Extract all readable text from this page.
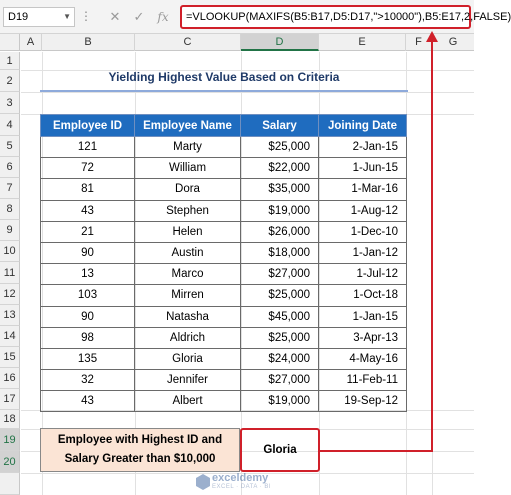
D19	▼ ⋮ ✕ ✓ fx	=VLOOKUP(MAXIFS(B5:B17,D5:D17,">10000"),B5:E17,2,FALSE)
A	B	C	D	E	F	G
1
2
3
4
5
6
7
8
9
10
11
12
13
14
15
16
17
18
19
20
Yielding Highest Value Based on Criteria
Employee ID	Employee Name	Salary	Joining Date
121	Marty	$25,000	2-Jan-15
72	William	$22,000	1-Jun-15
81	Dora	$35,000	1-Mar-16
43	Stephen	$19,000	1-Aug-12
21	Helen	$26,000	1-Dec-10
90	Austin	$18,000	1-Jan-12
13	Marco	$27,000	1-Jul-12
103	Mirren	$25,000	1-Oct-18
90	Natasha	$45,000	1-Jan-15
98	Aldrich	$25,000	3-Apr-13
135	Gloria	$24,000	4-May-16
32	Jennifer	$27,000	11-Feb-11
43	Albert	$19,000	19-Sep-12
Employee with Highest ID and
Salary Greater than $10,000
Gloria
exceldemy
EXCEL · DATA · BI
